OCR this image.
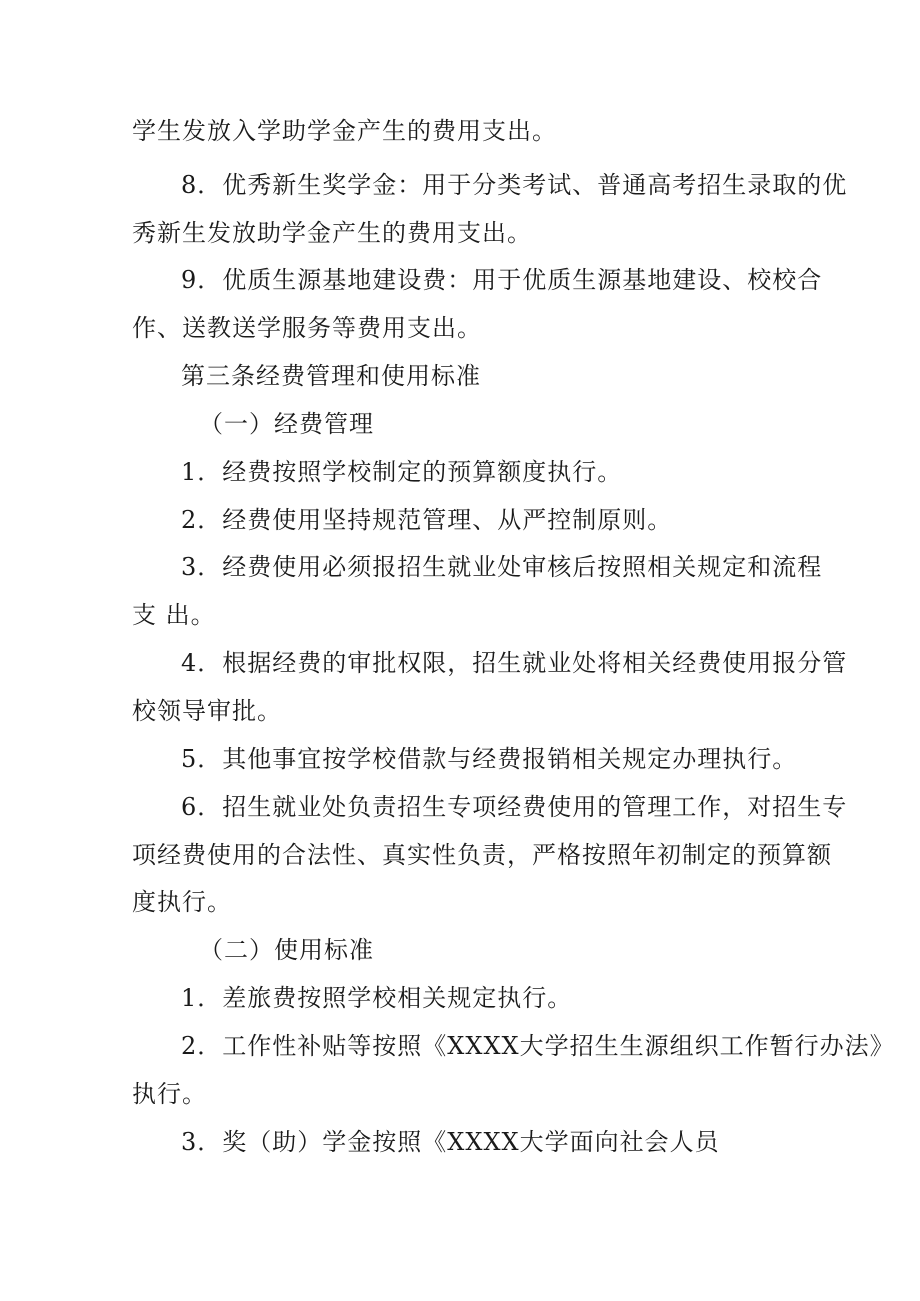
学生发放入学助学金产生的费用支出。

8．优秀新生奖学金：用于分类考试、普通高考招生录取的优

秀新生发放助学金产生的费用支出。

9．优质生源基地建设费：用于优质生源基地建设、校校合

作、送教送学服务等费用支出。

第三条经费管理和使用标准

（一）经费管理

1．经费按照学校制定的预算额度执行。

2．经费使用坚持规范管理、从严控制原则。

3．经费使用必须报招生就业处审核后按照相关规定和流程

支 出。

4．根据经费的审批权限，招生就业处将相关经费使用报分管

校领导审批。

5．其他事宜按学校借款与经费报销相关规定办理执行。

6．招生就业处负责招生专项经费使用的管理工作，对招生专

项经费使用的合法性、真实性负责，严格按照年初制定的预算额

度执行。

（二）使用标准

1．差旅费按照学校相关规定执行。

2．工作性补贴等按照《XXXX大学招生生源组织工作暂行办法》

执行。

3．奖（助）学金按照《XXXX大学面向社会人员
